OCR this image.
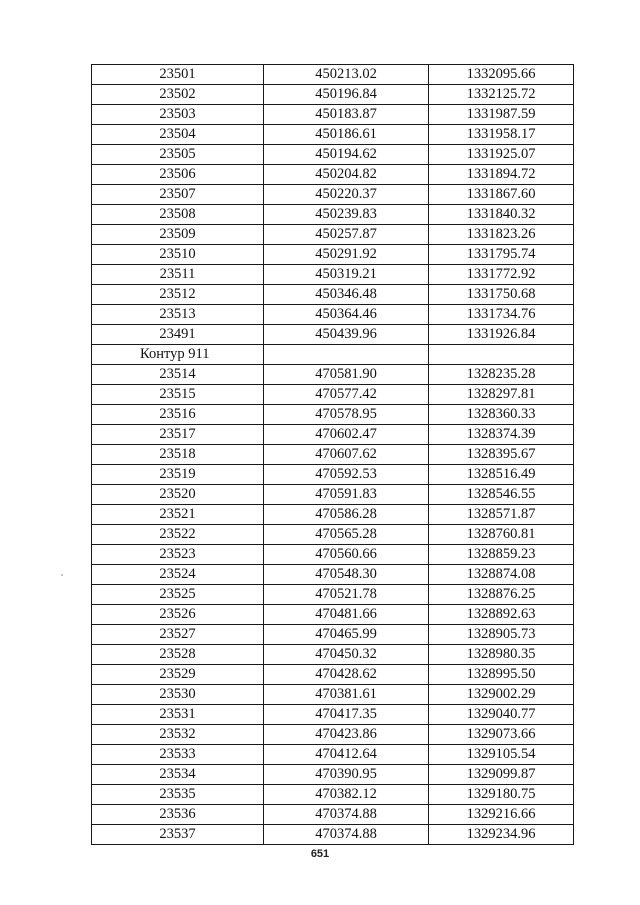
23501	450213.02	1332095.66
23502	450196.84	1332125.72
23503	450183.87	1331987.59
23504	450186.61	1331958.17
23505	450194.62	1331925.07
23506	450204.82	1331894.72
23507	450220.37	1331867.60
23508	450239.83	1331840.32
23509	450257.87	1331823.26
23510	450291.92	1331795.74
23511	450319.21	1331772.92
23512	450346.48	1331750.68
23513	450364.46	1331734.76
23491	450439.96	1331926.84
Контур 911		
23514	470581.90	1328235.28
23515	470577.42	1328297.81
23516	470578.95	1328360.33
23517	470602.47	1328374.39
23518	470607.62	1328395.67
23519	470592.53	1328516.49
23520	470591.83	1328546.55
23521	470586.28	1328571.87
23522	470565.28	1328760.81
23523	470560.66	1328859.23
23524	470548.30	1328874.08
23525	470521.78	1328876.25
23526	470481.66	1328892.63
23527	470465.99	1328905.73
23528	470450.32	1328980.35
23529	470428.62	1328995.50
23530	470381.61	1329002.29
23531	470417.35	1329040.77
23532	470423.86	1329073.66
23533	470412.64	1329105.54
23534	470390.95	1329099.87
23535	470382.12	1329180.75
23536	470374.88	1329216.66
23537	470374.88	1329234.96
651
